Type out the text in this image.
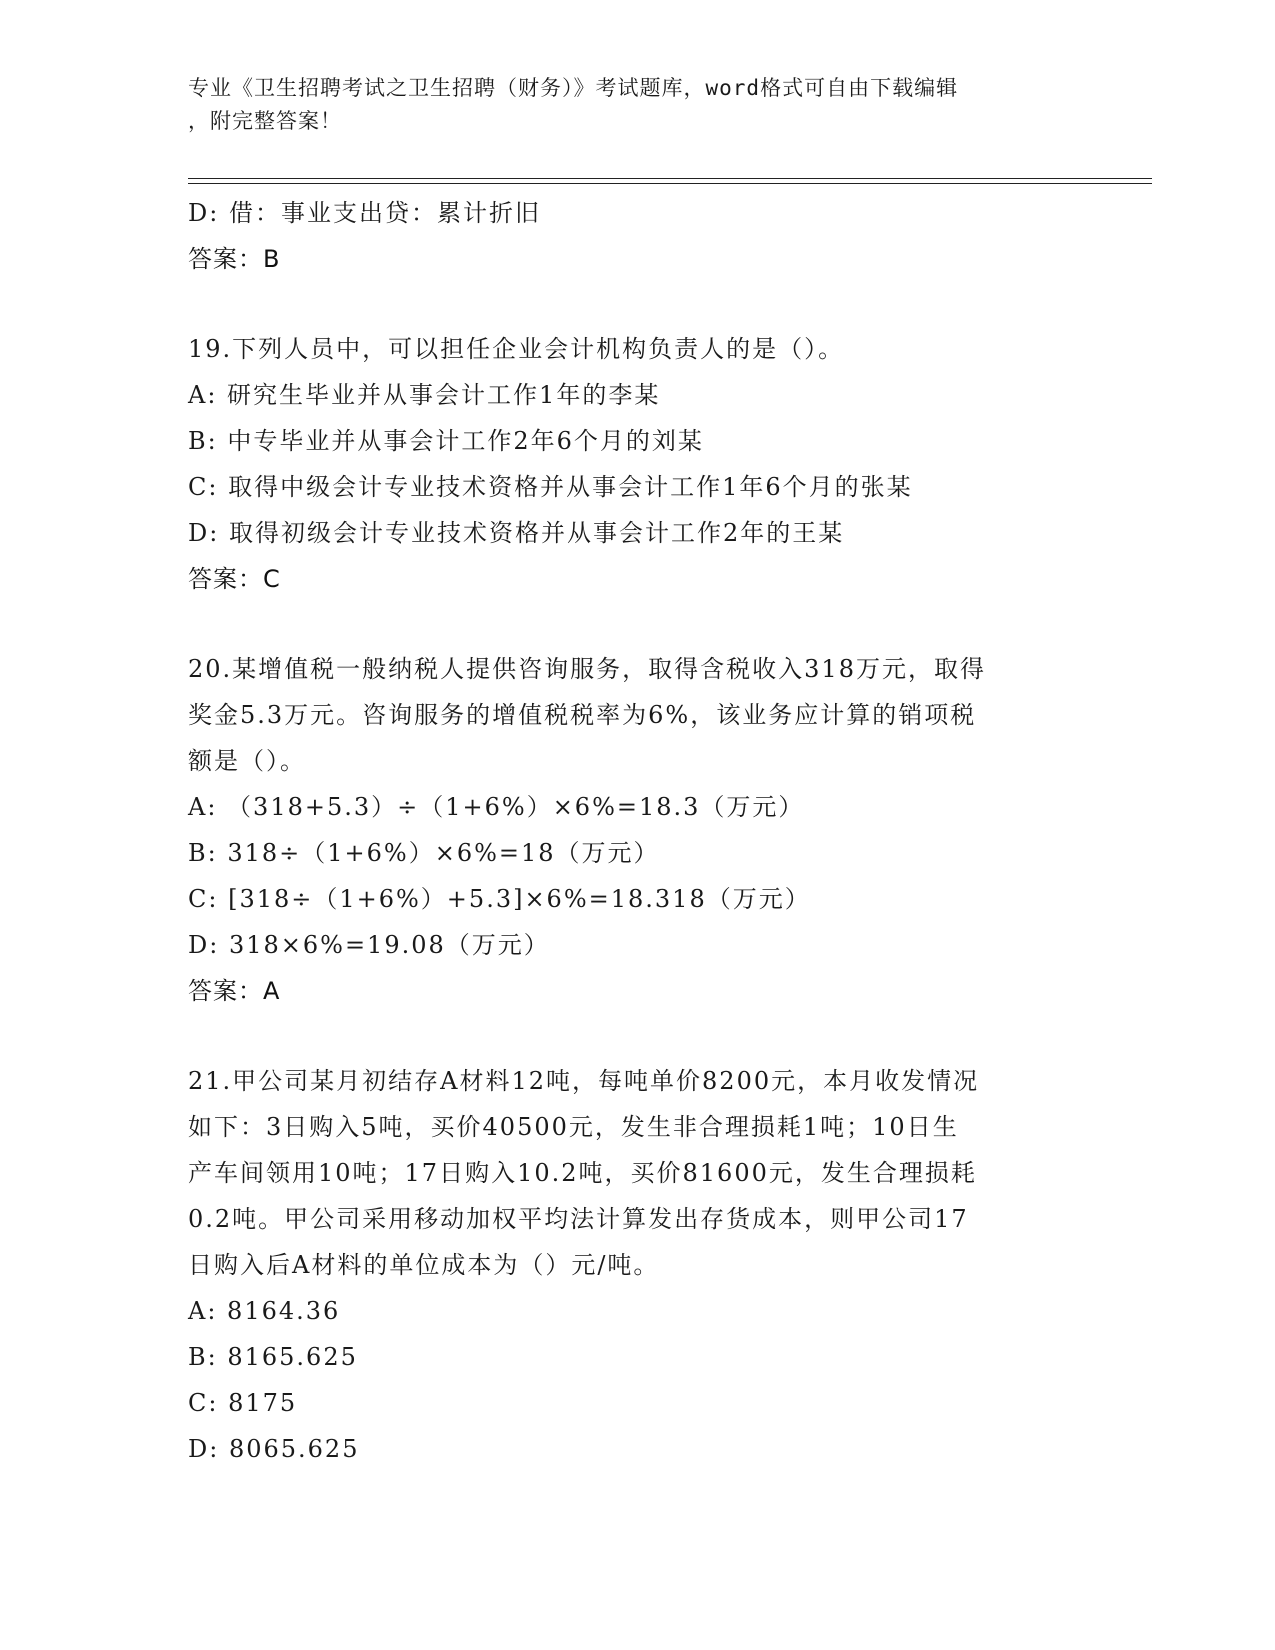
专业《卫生招聘考试之卫生招聘（财务）》考试题库，word格式可自由下载编辑
，附完整答案！
D: 借：事业支出贷：累计折旧
答案：B
19.下列人员中，可以担任企业会计机构负责人的是（）。
A: 研究生毕业并从事会计工作1年的李某
B: 中专毕业并从事会计工作2年6个月的刘某
C: 取得中级会计专业技术资格并从事会计工作1年6个月的张某
D: 取得初级会计专业技术资格并从事会计工作2年的王某
答案：C
20.某增值税一般纳税人提供咨询服务，取得含税收入318万元，取得
奖金5.3万元。咨询服务的增值税税率为6%，该业务应计算的销项税
额是（）。
A: （318+5.3）÷（1+6%）×6%=18.3（万元）
B: 318÷（1+6%）×6%=18（万元）
C: [318÷（1+6%）+5.3]×6%=18.318（万元）
D: 318×6%=19.08（万元）
答案：A
21.甲公司某月初结存A材料12吨，每吨单价8200元，本月收发情况
如下：3日购入5吨，买价40500元，发生非合理损耗1吨；10日生
产车间领用10吨；17日购入10.2吨，买价81600元，发生合理损耗
0.2吨。甲公司采用移动加权平均法计算发出存货成本，则甲公司17
日购入后A材料的单位成本为（）元/吨。
A: 8164.36
B: 8165.625
C: 8175
D: 8065.625
